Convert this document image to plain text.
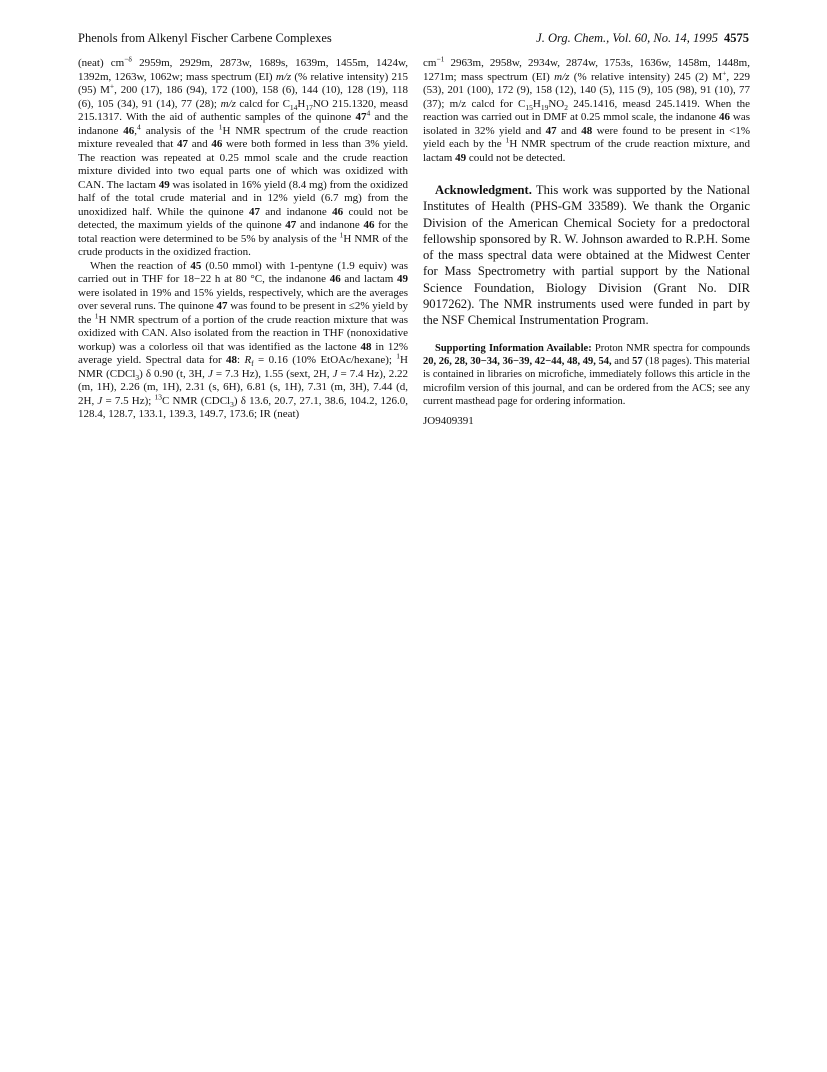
Phenols from Alkenyl Fischer Carbene Complexes	J. Org. Chem., Vol. 60, No. 14, 1995 4575

(neat) $cm^{-\delta}$ 2959m, 2929m, 2873w, 1689s, 1639m, 1455m, 1424w, 1392m, 1263w, 1062w; mass spectrum (EI) m/z (% relative intensity) 215 (95) M+, 200 (17), 186 (94), 172 (100), 158 (6), 144 (10), 128 (19), 118 (6), 105 (34), 91 (14), 77 (28); m/z calcd for $C_{14}H_{17}NO$ 215.1320, measd 215.1317. With the aid of authentic samples of the quinone $47^4$ and the indanone 46,$^4$ analysis of the $^1$H NMR spectrum of the crude reaction mixture revealed that 47 and 46 were both formed in less than 3% yield. The reaction was repeated at 0.25 mmol scale and the crude reaction mixture divided into two equal parts one of which was oxidized with CAN. The lactam 49 was isolated in 16% yield (8.4 mg) from the oxidized half of the total crude material and in 12% yield (6.7 mg) from the unoxidized half. While the quinone 47 and indanone 46 could not be detected, the maximum yields of the quinone 47 and indanone 46 for the total reaction were determined to be 5% by analysis of the $^1$H NMR of the crude products in the oxidized fraction.

When the reaction of 45 (0.50 mmol) with 1-pentyne (1.9 equiv) was carried out in THF for 18−22 h at 80 °C, the indanone 46 and lactam 49 were isolated in 19% and 15% yields, respectively, which are the averages over several runs. The quinone 47 was found to be present in ≤2% yield by the $^1$H NMR spectrum of a portion of the crude reaction mixture that was oxidized with CAN. Also isolated from the reaction in THF (nonoxidative workup) was a colorless oil that was identified as the lactone 48 in 12% average yield. Spectral data for 48: $R_f = 0.16$ (10% EtOAc/hexane); $^1$H NMR (CDCl$_3$) δ 0.90 (t, 3H, J = 7.3 Hz), 1.55 (sext, 2H, J = 7.4 Hz), 2.22 (m, 1H), 2.26 (m, 1H), 2.31 (s, 6H), 6.81 (s, 1H), 7.31 (m, 3H), 7.44 (d, 2H, J = 7.5 Hz); $^{13}$C NMR (CDCl$_3$) δ 13.6, 20.7, 27.1, 38.6, 104.2, 126.0, 128.4, 128.7, 133.1, 139.3, 149.7, 173.6; IR (neat)

$cm^{-1}$ 2963m, 2958w, 2934w, 2874w, 1753s, 1636w, 1458m, 1448m, 1271m; mass spectrum (EI) m/z (% relative intensity) 245 (2) M+, 229 (53), 201 (100), 172 (9), 158 (12), 140 (5), 115 (9), 105 (98), 91 (10), 77 (37); m/z calcd for $C_{15}H_{19}NO_2$ 245.1416, measd 245.1419. When the reaction was carried out in DMF at 0.25 mmol scale, the indanone 46 was isolated in 32% yield and 47 and 48 were found to be present in <1% yield each by the $^1$H NMR spectrum of the crude reaction mixture, and lactam 49 could not be detected.

Acknowledgment. This work was supported by the National Institutes of Health (PHS-GM 33589). We thank the Organic Division of the American Chemical Society for a predoctoral fellowship sponsored by R. W. Johnson awarded to R.P.H. Some of the mass spectral data were obtained at the Midwest Center for Mass Spectrometry with partial support by the National Science Foundation, Biology Division (Grant No. DIR 9017262). The NMR instruments used were funded in part by the NSF Chemical Instrumentation Program.

Supporting Information Available: Proton NMR spectra for compounds 20, 26, 28, 30−34, 36−39, 42−44, 48, 49, 54, and 57 (18 pages). This material is contained in libraries on microfiche, immediately follows this article in the microfilm version of this journal, and can be ordered from the ACS; see any current masthead page for ordering information.

JO9409391
